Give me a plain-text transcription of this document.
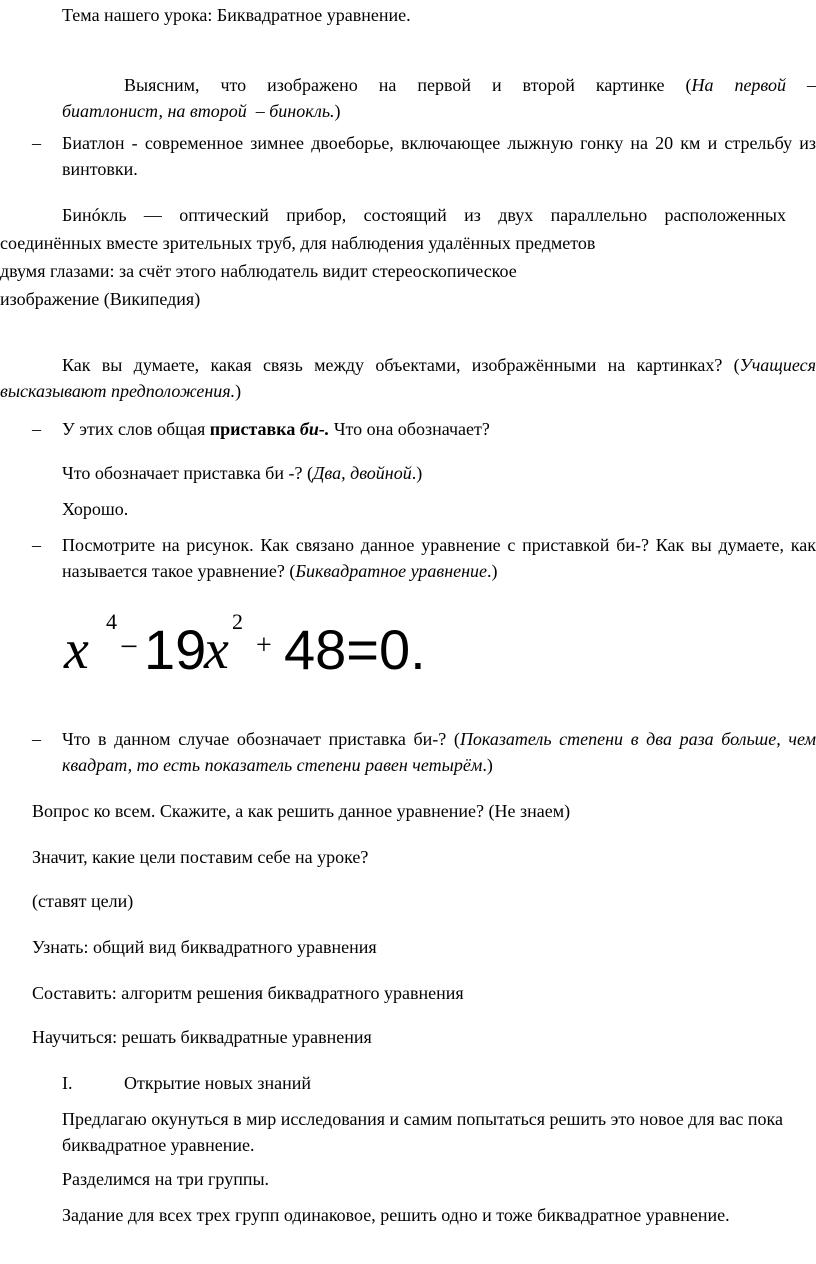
Тема нашего урока: Биквадратное уравнение.
Выясним, что изображено на первой и второй картинке (На первой –
биатлонист, на второй  – бинокль.)
– Биатлон - современное зимнее двоеборье, включающее лыжную гонку на 20 км и стрельбу из винтовки.
Бинóкль — оптический прибор, состоящий из двух параллельно расположенных
соединённых вместе зрительных труб, для наблюдения удалённых предметов
двумя глазами: за счёт этого наблюдатель видит стереоскопическое
изображение (Википедия)
Как вы думаете, какая связь между объектами, изображёнными на картинках? (Учащиеся высказывают предположения.)
– У этих слов общая приставка би-. Что она обозначает?
Что обозначает приставка би -? (Два, двойной.)
Хорошо.
– Посмотрите на рисунок. Как связано данное уравнение с приставкой би-? Как вы думаете, как называется такое уравнение? (Биквадратное уравнение.)
x 4
− 19
x 2
+ 48=0.
– Что в данном случае обозначает приставка би-? (Показатель степени в два раза больше, чем квадрат, то есть показатель степени равен четырём.)
Вопрос ко всем. Скажите, а как решить данное уравнение? (Не знаем)
Значит, какие цели поставим себе на уроке?
(ставят цели)
Узнать: общий вид биквадратного уравнения
Составить: алгоритм решения биквадратного уравнения
Научиться: решать биквадратные уравнения
I.	Открытие новых знаний
Предлагаю окунуться в мир исследования и самим попытаться решить это новое для вас пока биквадратное уравнение.
Разделимся на три группы.
Задание для всех трех групп одинаковое, решить одно и тоже биквадратное уравнение.
